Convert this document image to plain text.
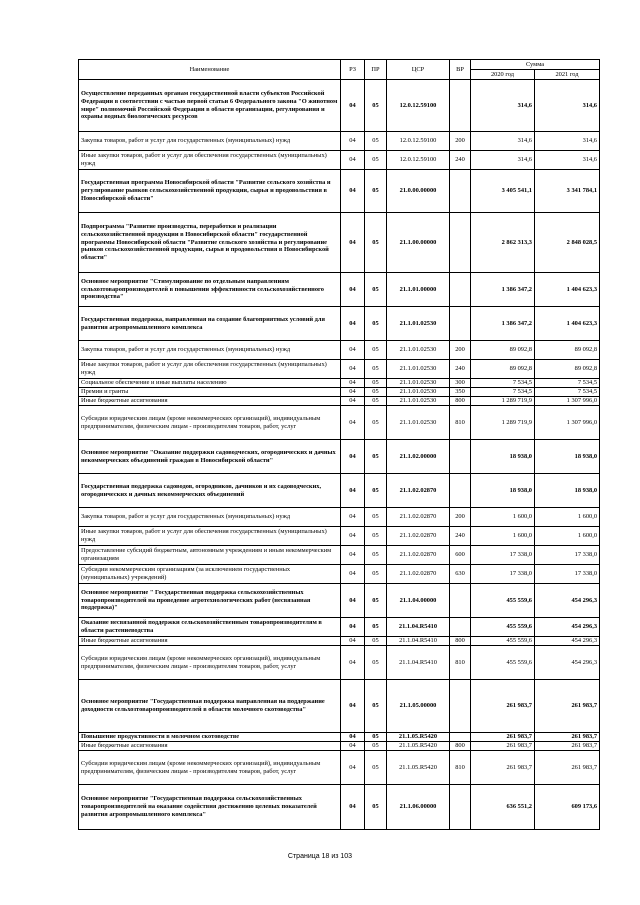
Наименование	РЗ	ПР	ЦСР	ВР	Сумма	
					2020 год	2021 год
Осуществление переданных органам государственной власти субъектов Российской Федерации в соответствии с частью первой статьи 6 Федерального закона "О животном мире" полномочий Российской Федерации в области организации, регулирования и охраны водных биологических ресурсов	04	05	12.0.12.59100		314,6	314,6
Закупка товаров, работ и услуг для государственных (муниципальных) нужд	04	05	12.0.12.59100	200	314,6	314,6
Иные закупки товаров, работ и услуг для обеспечения государственных (муниципальных) нужд	04	05	12.0.12.59100	240	314,6	314,6
Государственная программа Новосибирской области "Развитие сельского хозяйства и регулирование рынков сельскохозяйственной продукции, сырья и продовольствия в Новосибирской области"	04	05	21.0.00.00000		3 405 541,1	3 341 784,1
Подпрограмма "Развитие производства, переработки и реализации сельскохозяйственной продукции в Новосибирской области" государственной программы Новосибирской области "Развитие сельского хозяйства и регулирование рынков сельскохозяйственной продукции, сырья и продовольствия в Новосибирской области"	04	05	21.1.00.00000		2 862 313,3	2 848 028,5
Основное мероприятие "Стимулирование по отдельным направлениям сельхозтоваропроизводителей в повышении эффективности сельскохозяйственного производства"	04	05	21.1.01.00000		1 386 347,2	1 404 623,3
Государственная поддержка, направленная на создание благоприятных условий для развития агропромышленного комплекса	04	05	21.1.01.02530		1 386 347,2	1 404 623,3
Закупка товаров, работ и услуг для государственных (муниципальных) нужд	04	05	21.1.01.02530	200	89 092,8	89 092,8
Иные закупки товаров, работ и услуг для обеспечения государственных (муниципальных) нужд	04	05	21.1.01.02530	240	89 092,8	89 092,8
Социальное обеспечение и иные выплаты населению	04	05	21.1.01.02530	300	7 534,5	7 534,5
Премии и гранты	04	05	21.1.01.02530	350	7 534,5	7 534,5
Иные бюджетные ассигнования	04	05	21.1.01.02530	800	1 289 719,9	1 307 996,0
Субсидии юридическим лицам (кроме некоммерческих организаций), индивидуальным предпринимателям, физическим лицам - производителям товаров, работ, услуг	04	05	21.1.01.02530	810	1 289 719,9	1 307 996,0
Основное мероприятие "Оказание поддержки садоводческих, огороднических и дачных некоммерческих объединений граждан в Новосибирской области"	04	05	21.1.02.00000		18 938,0	18 938,0
Государственная поддержка садоводов, огородников, дачников и их садоводческих, огороднических и дачных некоммерческих объединений	04	05	21.1.02.02870		18 938,0	18 938,0
Закупка товаров, работ и услуг для государственных (муниципальных) нужд	04	05	21.1.02.02870	200	1 600,0	1 600,0
Иные закупки товаров, работ и услуг для обеспечения государственных (муниципальных) нужд	04	05	21.1.02.02870	240	1 600,0	1 600,0
Предоставление субсидий бюджетным, автономным учреждениям и иным некоммерческим организациям	04	05	21.1.02.02870	600	17 338,0	17 338,0
Субсидии некоммерческим организациям (за исключением государственных (муниципальных) учреждений)	04	05	21.1.02.02870	630	17 338,0	17 338,0
Основное мероприятие " Государственная поддержка сельскохозяйственных товаропроизводителей на проведение агротехнологических работ (несвязанная поддержка)"	04	05	21.1.04.00000		455 559,6	454 296,3
Оказание несвязанной поддержки сельскохозяйственным товаропроизводителям в области растениеводства	04	05	21.1.04.R5410		455 559,6	454 296,3
Иные бюджетные ассигнования	04	05	21.1.04.R5410	800	455 559,6	454 296,3
Субсидии юридическим лицам (кроме некоммерческих организаций), индивидуальным предпринимателям, физическим лицам - производителям товаров, работ, услуг	04	05	21.1.04.R5410	810	455 559,6	454 296,3
Основное мероприятие "Государственная поддержка направленная на поддержание доходности сельхозтоваропроизводителей в области молочного скотоводства"	04	05	21.1.05.00000		261 983,7	261 983,7
Повышение продуктивности в молочном скотоводстве	04	05	21.1.05.R5420		261 983,7	261 983,7
Иные бюджетные ассигнования	04	05	21.1.05.R5420	800	261 983,7	261 983,7
Субсидии юридическим лицам (кроме некоммерческих организаций), индивидуальным предпринимателям, физическим лицам - производителям товаров, работ, услуг	04	05	21.1.05.R5420	810	261 983,7	261 983,7
Основное мероприятие "Государственная поддержка сельскохозяйственных товаропроизводителей на оказание содействия достижению целевых показателей развития агропромышленного комплекса"	04	05	21.1.06.00000		636 551,2	609 173,6
Страница 18 из 103
